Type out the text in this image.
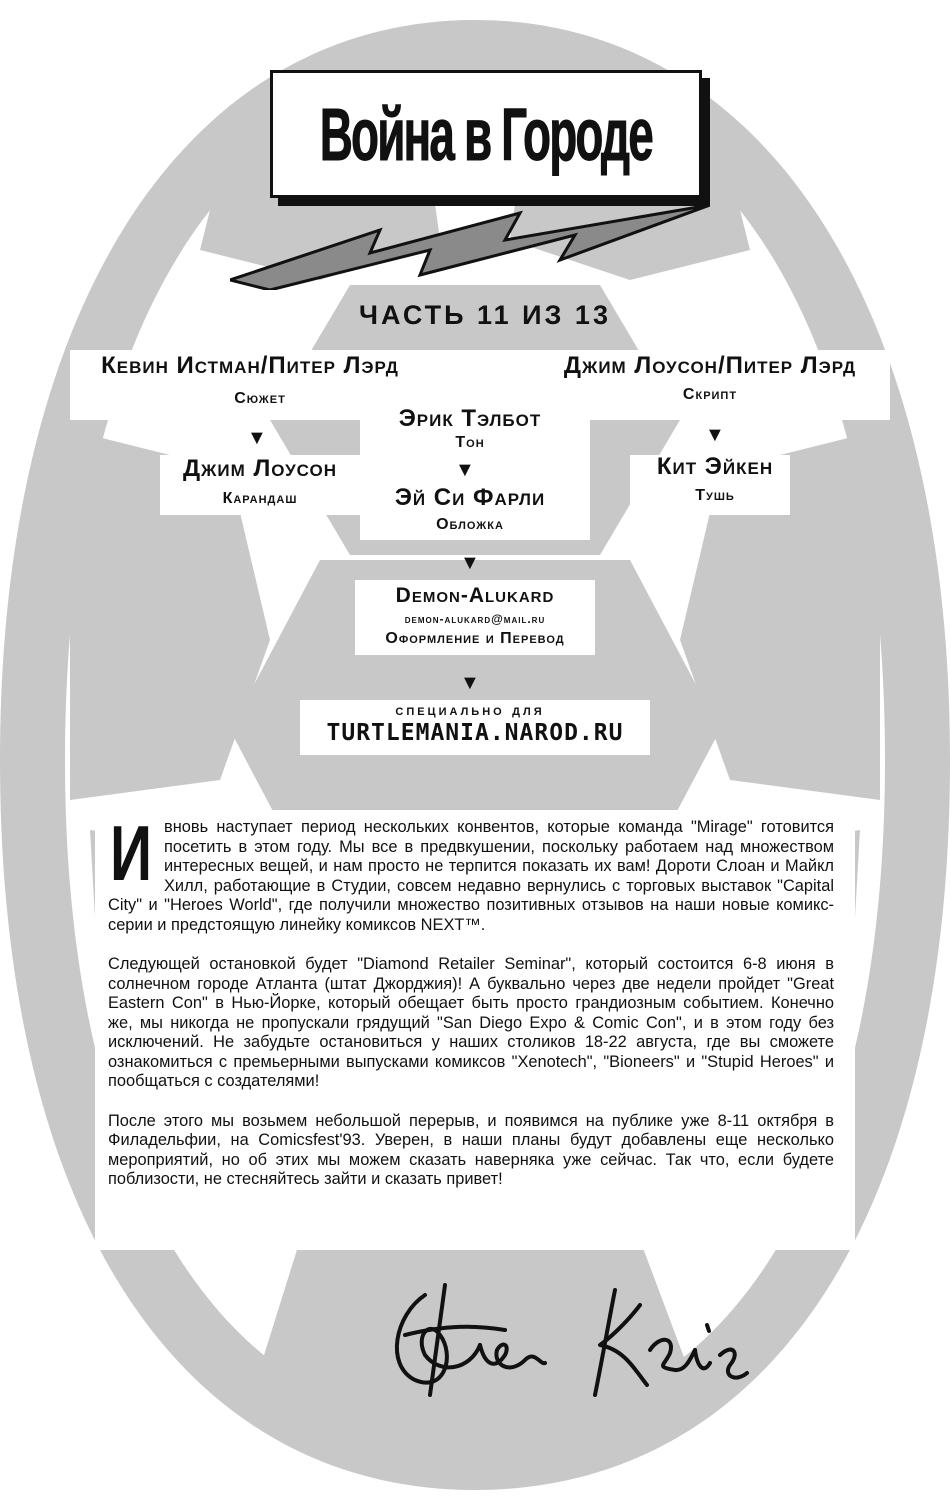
Война в Городе
ЧАСТЬ 11 ИЗ 13
Кевин Истман/Питер Лэрд
Сюжет
▼
Джим Лоусон
Карандаш
Джим Лоусон/Питер Лэрд
Скрипт
▼
Кит Эйкен
Тушь
Эрик Тэлбот
Тон
▼
Эй Си Фарли
Обложка
▼
Demon-Alukard
demon-alukard@mail.ru
Оформление и Перевод
▼
специально для
TURTLEMANIA.NAROD.RU

И вновь наступает период нескольких конвентов, которые команда "Mirage" готовится посетить в этом году. Мы все в предвкушении, поскольку работаем над множеством интересных вещей, и нам просто не терпится показать их вам! Дороти Слоан и Майкл Хилл, работающие в Студии, совсем недавно вернулись с торговых выставок "Capital City" и "Heroes World", где получили множество позитивных отзывов на наши новые комикс-серии и предстоящую линейку комиксов NEXT™.

Следующей остановкой будет "Diamond Retailer Seminar", который состоится 6-8 июня в солнечном городе Атланта (штат Джорджия)! А буквально через две недели пройдет "Great Eastern Con" в Нью-Йорке, который обещает быть просто грандиозным событием. Конечно же, мы никогда не пропускали грядущий "San Diego Expo & Comic Con", и в этом году без исключений. Не забудьте остановиться у наших столиков 18-22 августа, где вы сможете ознакомиться с премьерными выпусками комиксов "Xenotech", "Bioneers" и "Stupid Heroes" и пообщаться с создателями!

После этого мы возьмем небольшой перерыв, и появимся на публике уже 8-11 октября в Филадельфии, на Comicsfest'93. Уверен, в наши планы будут добавлены еще несколько мероприятий, но об этих мы можем сказать наверняка уже сейчас. Так что, если будете поблизости, не стесняйтесь зайти и сказать привет!
